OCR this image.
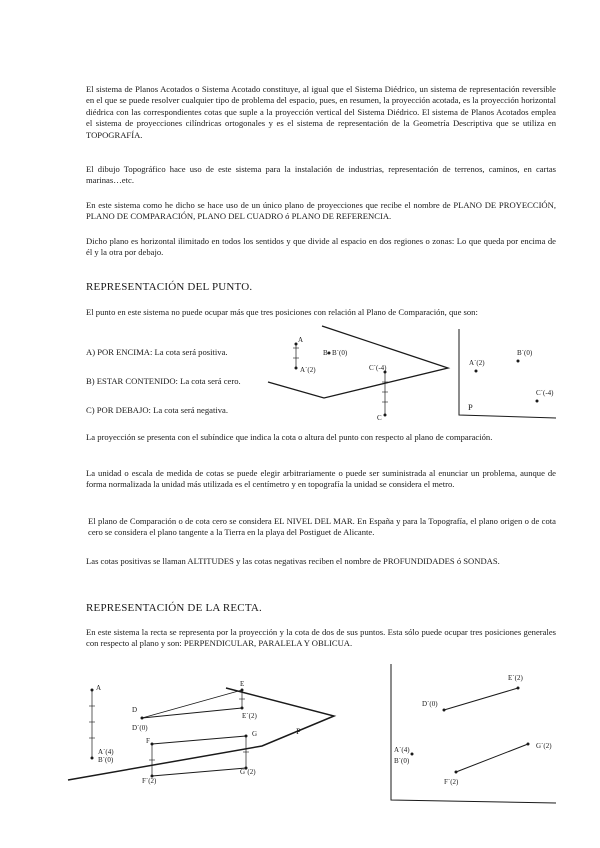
El sistema de Planos Acotados o Sistema Acotado constituye, al igual que el Sistema Diédrico, un sistema de representación reversible en el que se puede resolver cualquier tipo de problema del espacio, pues, en resumen, la proyección acotada, es la proyección horizontal diédrica con las correspondientes cotas que suple a la proyección vertical del Sistema Diédrico. El sistema de Planos Acotados emplea el sistema de proyecciones cilíndricas ortogonales y es el sistema de representación de la Geometría Descriptiva que se utiliza en TOPOGRAFÍA.

El dibujo Topográfico hace uso de este sistema para la instalación de industrias, representación de terrenos, caminos, en cartas marinas…etc.

En este sistema como he dicho se hace uso de un único plano de proyecciones que recibe el nombre de PLANO DE PROYECCIÓN, PLANO DE COMPARACIÓN, PLANO DEL CUADRO ó PLANO DE REFERENCIA.

Dicho plano es horizontal ilimitado en todos los sentidos y que divide al espacio en dos regiones o zonas: Lo que queda por encima de él y la otra por debajo.

REPRESENTACIÓN DEL PUNTO.

El punto en este sistema no puede ocupar más que tres posiciones con relación al Plano de Comparación, que son:

A) POR ENCIMA: La cota será positiva.

B) ESTAR CONTENIDO: La cota será cero.

C) POR DEBAJO: La cota será negativa.

A
A´(2)
B B´(0)
C´(-4)
C
A´(2)
B´(0)
C´(-4)
P

La proyección se presenta con el subíndice que indica la cota o altura del punto con respecto al plano de comparación.

La unidad o escala de medida de cotas se puede elegir arbitrariamente o puede ser suministrada al enunciar un problema, aunque de forma normalizada la unidad más utilizada es el centímetro y en topografía la unidad se considera el metro.

El plano de Comparación o de cota cero se considera EL NIVEL DEL MAR. En España y para la Topografía, el plano origen o de cota cero se considera el plano tangente a la Tierra en la playa del Postiguet de Alicante.

Las cotas positivas se llaman ALTITUDES y las cotas negativas reciben el nombre de PROFUNDIDADES ó SONDAS.

REPRESENTACIÓN DE LA RECTA.

En este sistema la recta se representa por la proyección y la cota de dos de sus puntos. Esta sólo puede ocupar tres posiciones generales con respecto al plano y son: PERPENDICULAR, PARALELA Y OBLICUA.

A
A´(4)
B´(0)
D
D´(0)
E
E´(2)
F
F´(2)
G
G´(2)
P
E´(2)
D´(0)
A´(4)
B´(0)
G´(2)
F´(2)
